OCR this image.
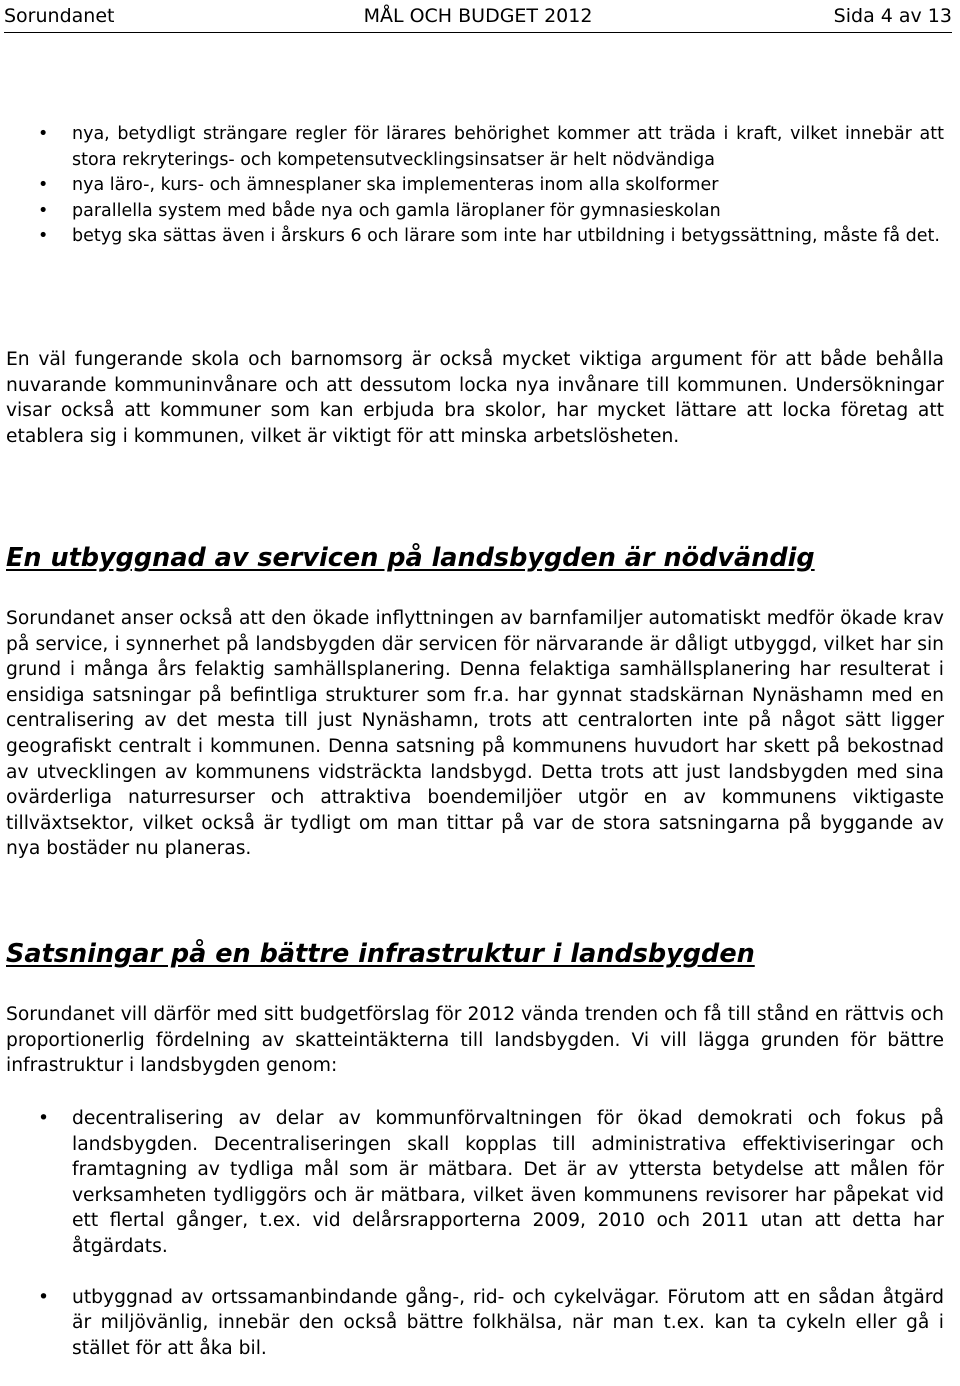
Sorundanet	MÅL OCH BUDGET 2012	Sida 4 av 13
• nya, betydligt strängare regler för lärares behörighet kommer att träda i kraft, vilket innebär att stora rekryterings- och kompetensutvecklingsinsatser är helt nödvändiga
• nya läro-, kurs- och ämnesplaner ska implementeras inom alla skolformer
• parallella system med både nya och gamla läroplaner för gymnasieskolan
• betyg ska sättas även i årskurs 6 och lärare som inte har utbildning i betygssättning, måste få det.

En väl fungerande skola och barnomsorg är också mycket viktiga argument för att både behålla nuvarande kommuninvånare och att dessutom locka nya invånare till kommunen. Undersökningar visar också att kommuner som kan erbjuda bra skolor, har mycket lättare att locka företag att etablera sig i kommunen, vilket är viktigt för att minska arbetslösheten.

En utbyggnad av servicen på landsbygden är nödvändig

Sorundanet anser också att den ökade inflyttningen av barnfamiljer automatiskt medför ökade krav på service, i synnerhet på landsbygden där servicen för närvarande är dåligt utbyggd, vilket har sin grund i många års felaktig samhällsplanering. Denna felaktiga samhällsplanering har resulterat i ensidiga satsningar på befintliga strukturer som fr.a. har gynnat stadskärnan Nynäshamn med en centralisering av det mesta till just Nynäshamn, trots att centralorten inte på något sätt ligger geografiskt centralt i kommunen. Denna satsning på kommunens huvudort har skett på bekostnad av utvecklingen av kommunens vidsträckta landsbygd. Detta trots att just landsbygden med sina ovärderliga naturresurser och attraktiva boendemiljöer utgör en av kommunens viktigaste tillväxtsektor, vilket också är tydligt om man tittar på var de stora satsningarna på byggande av nya bostäder nu planeras.

Satsningar på en bättre infrastruktur i landsbygden

Sorundanet vill därför med sitt budgetförslag för 2012 vända trenden och få till stånd en rättvis och proportionerlig fördelning av skatteintäkterna till landsbygden. Vi vill lägga grunden för bättre infrastruktur i landsbygden genom:

• decentralisering av delar av kommunförvaltningen för ökad demokrati och fokus på landsbygden. Decentraliseringen skall kopplas till administrativa effektiviseringar och framtagning av tydliga mål som är mätbara. Det är av yttersta betydelse att målen för verksamheten tydliggörs och är mätbara, vilket även kommunens revisorer har påpekat vid ett flertal gånger, t.ex. vid delårsrapporterna 2009, 2010 och 2011 utan att detta har åtgärdats.
• utbyggnad av ortssamanbindande gång-, rid- och cykelvägar. Förutom att en sådan åtgärd är miljövänlig, innebär den också bättre folkhälsa, när man t.ex. kan ta cykeln eller gå i stället för att åka bil.
